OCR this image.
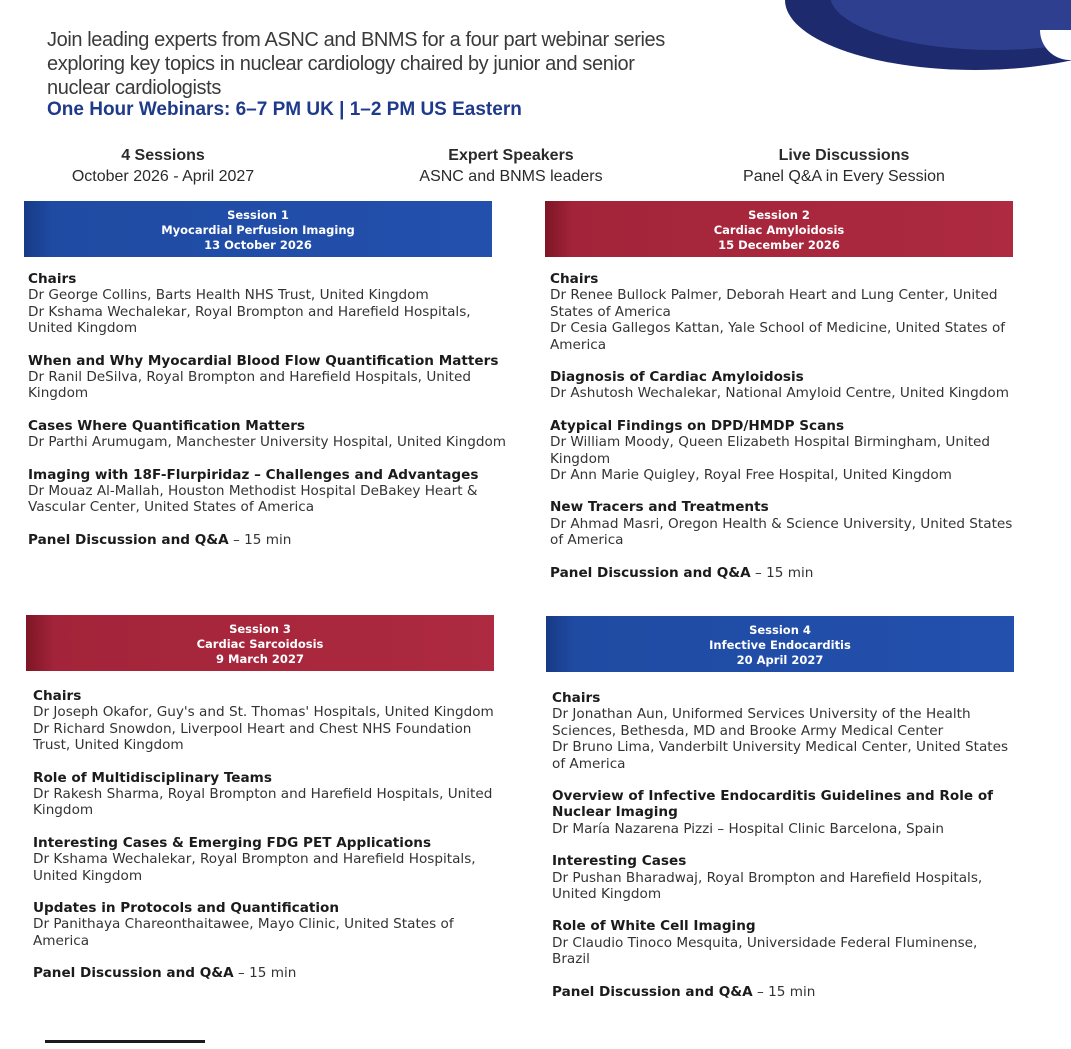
Join leading experts from ASNC and BNMS for a four part webinar series exploring key topics in nuclear cardiology chaired by junior and senior nuclear cardiologists

One Hour Webinars: 6–7 PM UK | 1–2 PM US Eastern

4 Sessions
October 2026 - April 2027
Expert Speakers
ASNC and BNMS leaders
Live Discussions
Panel Q&A in Every Session
Session 1
Myocardial Perfusion Imaging
13 October 2026
Chairs
Dr George Collins, Barts Health NHS Trust, United Kingdom
Dr Kshama Wechalekar, Royal Brompton and Harefield Hospitals, United Kingdom
When and Why Myocardial Blood Flow Quantification Matters
Dr Ranil DeSilva, Royal Brompton and Harefield Hospitals, United Kingdom
Cases Where Quantification Matters
Dr Parthi Arumugam, Manchester University Hospital, United Kingdom
Imaging with 18F-Flurpiridaz – Challenges and Advantages
Dr Mouaz Al-Mallah, Houston Methodist Hospital DeBakey Heart & Vascular Center, United States of America
Panel Discussion and Q&A – 15 min
Session 2
Cardiac Amyloidosis
15 December 2026
Chairs
Dr Renee Bullock Palmer, Deborah Heart and Lung Center, United States of America
Dr Cesia Gallegos Kattan, Yale School of Medicine, United States of America
Diagnosis of Cardiac Amyloidosis
Dr Ashutosh Wechalekar, National Amyloid Centre, United Kingdom
Atypical Findings on DPD/HMDP Scans
Dr William Moody, Queen Elizabeth Hospital Birmingham, United Kingdom
Dr Ann Marie Quigley, Royal Free Hospital, United Kingdom
New Tracers and Treatments
Dr Ahmad Masri, Oregon Health & Science University, United States of America
Panel Discussion and Q&A – 15 min
Session 3
Cardiac Sarcoidosis
9 March 2027
Chairs
Dr Joseph Okafor, Guy's and St. Thomas' Hospitals, United Kingdom
Dr Richard Snowdon, Liverpool Heart and Chest NHS Foundation Trust, United Kingdom
Role of Multidisciplinary Teams
Dr Rakesh Sharma, Royal Brompton and Harefield Hospitals, United Kingdom
Interesting Cases & Emerging FDG PET Applications
Dr Kshama Wechalekar, Royal Brompton and Harefield Hospitals, United Kingdom
Updates in Protocols and Quantification
Dr Panithaya Chareonthaitawee, Mayo Clinic, United States of America
Panel Discussion and Q&A – 15 min
Session 4
Infective Endocarditis
20 April 2027
Chairs
Dr Jonathan Aun, Uniformed Services University of the Health Sciences, Bethesda, MD and Brooke Army Medical Center
Dr Bruno Lima, Vanderbilt University Medical Center, United States of America
Overview of Infective Endocarditis Guidelines and Role of Nuclear Imaging
Dr María Nazarena Pizzi – Hospital Clinic Barcelona, Spain
Interesting Cases
Dr Pushan Bharadwaj, Royal Brompton and Harefield Hospitals, United Kingdom
Role of White Cell Imaging
Dr Claudio Tinoco Mesquita, Universidade Federal Fluminense, Brazil
Panel Discussion and Q&A – 15 min
